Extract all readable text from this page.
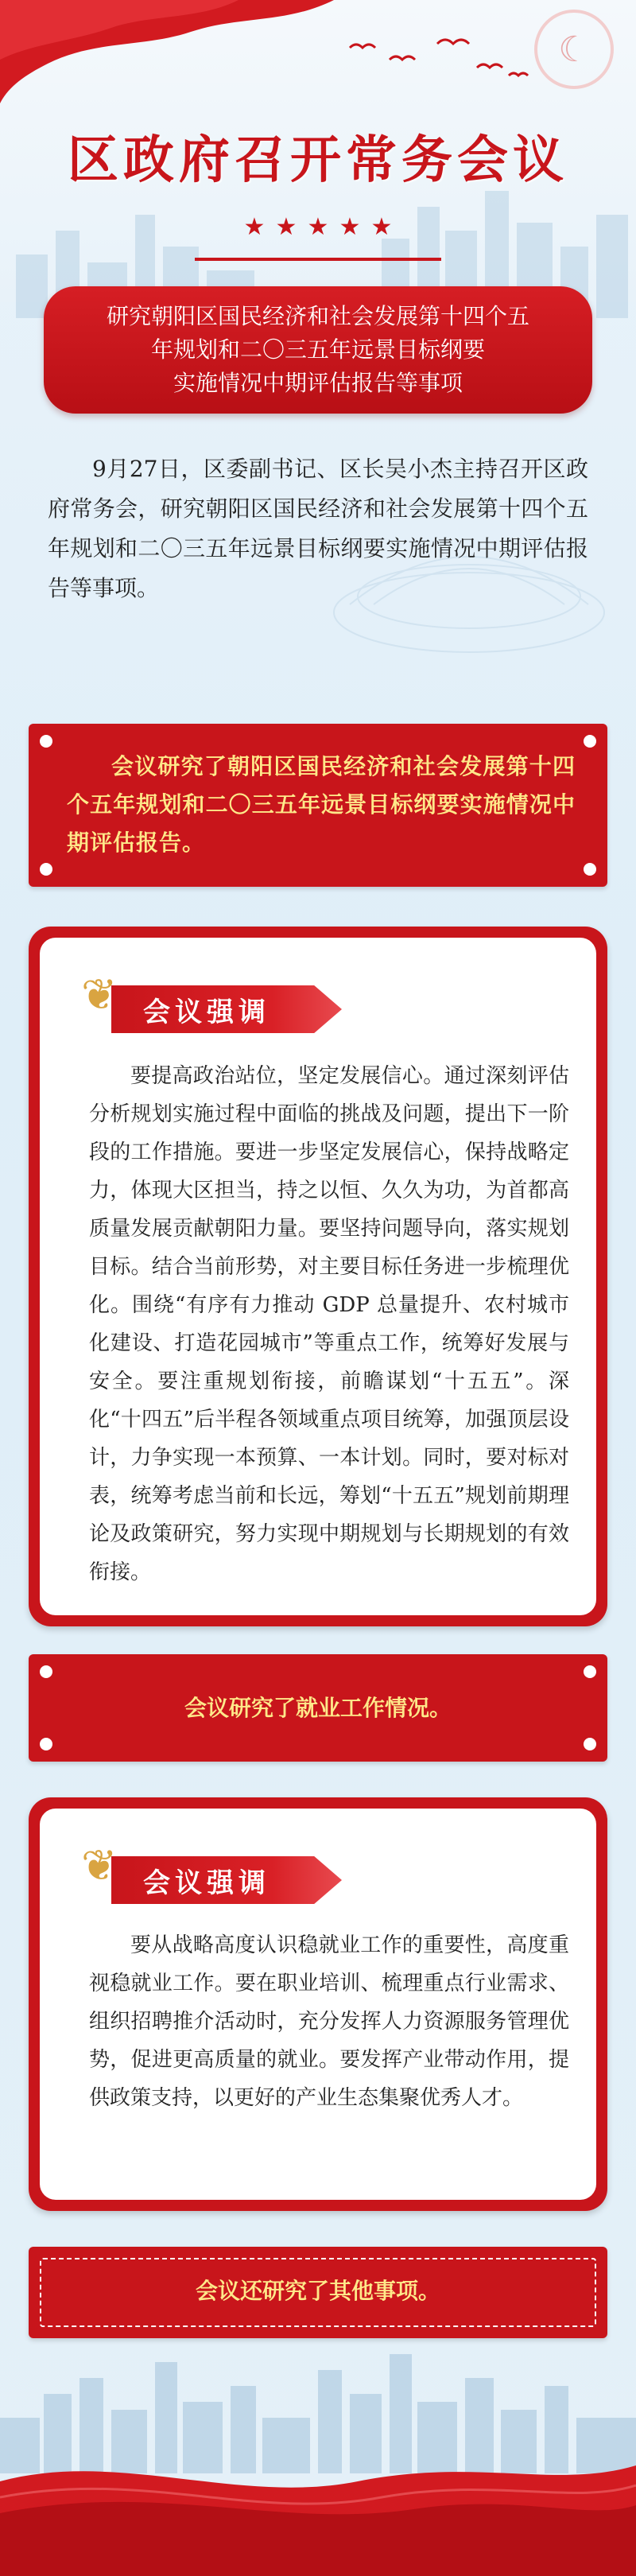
☾
区政府召开常务会议
★ ★ ★ ★ ★
研究朝阳区国民经济和社会发展第十四个五
年规划和二〇三五年远景目标纲要
实施情况中期评估报告等事项
9月27日，区委副书记、区长吴小杰主持召开区政府常务会，研究朝阳区国民经济和社会发展第十四个五年规划和二〇三五年远景目标纲要实施情况中期评估报告等事项。
会议研究了朝阳区国民经济和社会发展第十四个五年规划和二〇三五年远景目标纲要实施情况中期评估报告。
❦ 会议强调
要提高政治站位，坚定发展信心。通过深刻评估分析规划实施过程中面临的挑战及问题，提出下一阶段的工作措施。要进一步坚定发展信心，保持战略定力，体现大区担当，持之以恒、久久为功，为首都高质量发展贡献朝阳力量。要坚持问题导向，落实规划目标。结合当前形势，对主要目标任务进一步梳理优化。围绕“有序有力推动 GDP 总量提升、农村城市化建设、打造花园城市”等重点工作，统筹好发展与安全。要注重规划衔接，前瞻谋划“十五五”。深化“十四五”后半程各领域重点项目统筹，加强顶层设计，力争实现一本预算、一本计划。同时，要对标对表，统筹考虑当前和长远，筹划“十五五”规划前期理论及政策研究，努力实现中期规划与长期规划的有效衔接。
会议研究了就业工作情况。
❦ 会议强调
要从战略高度认识稳就业工作的重要性，高度重视稳就业工作。要在职业培训、梳理重点行业需求、组织招聘推介活动时，充分发挥人力资源服务管理优势，促进更高质量的就业。要发挥产业带动作用，提供政策支持，以更好的产业生态集聚优秀人才。
会议还研究了其他事项。
